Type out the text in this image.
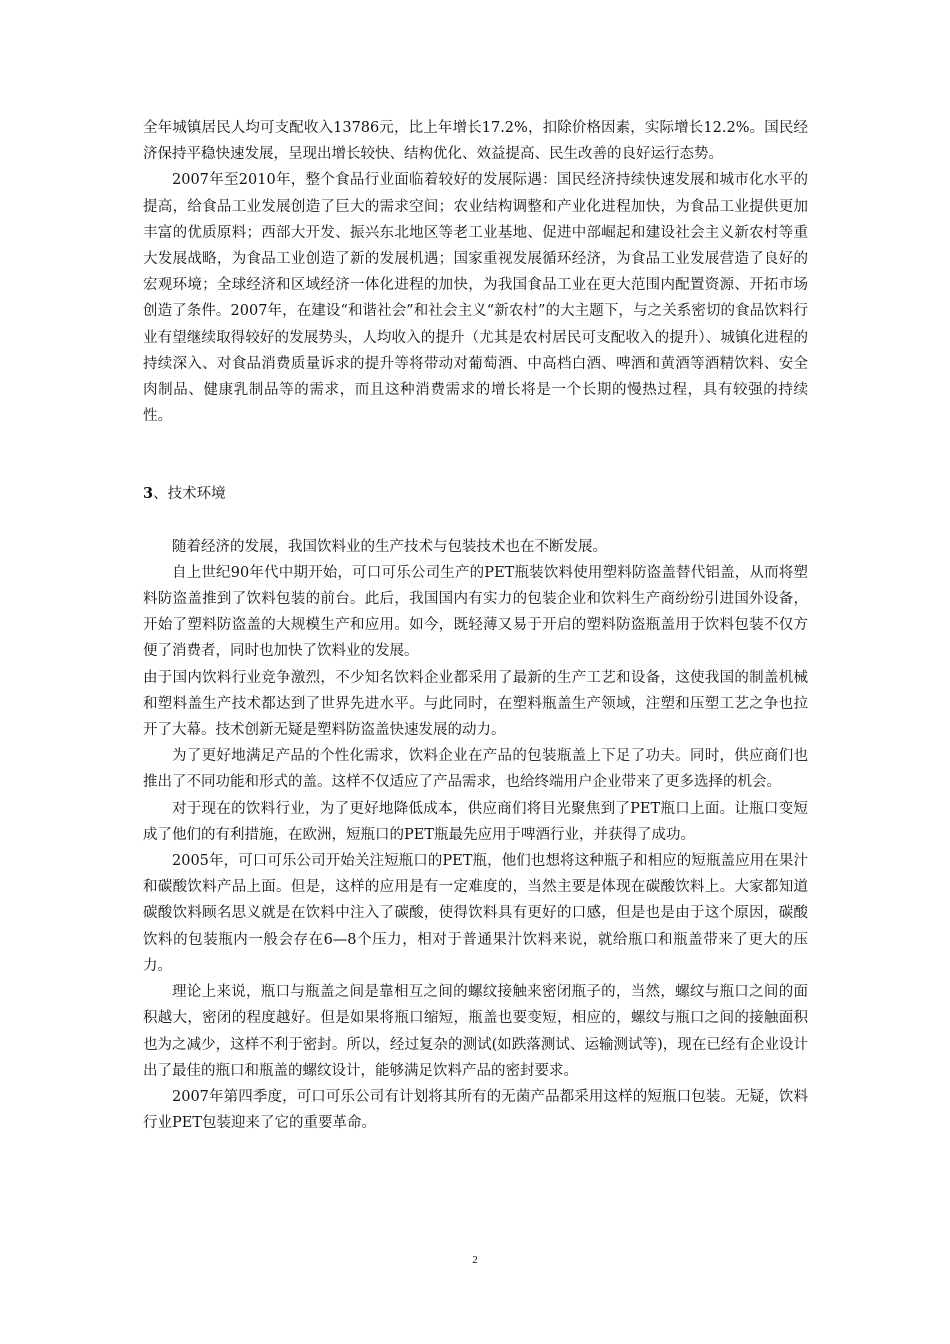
全年城镇居民人均可支配收入13786元，比上年增长17.2%，扣除价格因素，实际增长12.2%。国民经济保持平稳快速发展，呈现出增长较快、结构优化、效益提高、民生改善的良好运行态势。

2007年至2010年，整个食品行业面临着较好的发展际遇：国民经济持续快速发展和城市化水平的提高，给食品工业发展创造了巨大的需求空间；农业结构调整和产业化进程加快，为食品工业提供更加丰富的优质原料；西部大开发、振兴东北地区等老工业基地、促进中部崛起和建设社会主义新农村等重大发展战略，为食品工业创造了新的发展机遇；国家重视发展循环经济，为食品工业发展营造了良好的宏观环境；全球经济和区域经济一体化进程的加快，为我国食品工业在更大范围内配置资源、开拓市场创造了条件。2007年，在建设“和谐社会”和社会主义“新农村”的大主题下，与之关系密切的食品饮料行业有望继续取得较好的发展势头，人均收入的提升（尤其是农村居民可支配收入的提升）、城镇化进程的持续深入、对食品消费质量诉求的提升等将带动对葡萄酒、中高档白酒、啤酒和黄酒等酒精饮料、安全肉制品、健康乳制品等的需求，而且这种消费需求的增长将是一个长期的慢热过程，具有较强的持续性。

3、技术环境

随着经济的发展，我国饮料业的生产技术与包装技术也在不断发展。

自上世纪90年代中期开始，可口可乐公司生产的PET瓶装饮料使用塑料防盗盖替代铝盖，从而将塑料防盗盖推到了饮料包装的前台。此后，我国国内有实力的包装企业和饮料生产商纷纷引进国外设备，开始了塑料防盗盖的大规模生产和应用。如今，既轻薄又易于开启的塑料防盗瓶盖用于饮料包装不仅方便了消费者，同时也加快了饮料业的发展。

由于国内饮料行业竞争激烈，不少知名饮料企业都采用了最新的生产工艺和设备，这使我国的制盖机械和塑料盖生产技术都达到了世界先进水平。与此同时，在塑料瓶盖生产领域，注塑和压塑工艺之争也拉开了大幕。技术创新无疑是塑料防盗盖快速发展的动力。

为了更好地满足产品的个性化需求，饮料企业在产品的包装瓶盖上下足了功夫。同时，供应商们也推出了不同功能和形式的盖。这样不仅适应了产品需求，也给终端用户企业带来了更多选择的机会。

对于现在的饮料行业，为了更好地降低成本，供应商们将目光聚焦到了PET瓶口上面。让瓶口变短成了他们的有利措施，在欧洲，短瓶口的PET瓶最先应用于啤酒行业，并获得了成功。

2005年，可口可乐公司开始关注短瓶口的PET瓶，他们也想将这种瓶子和相应的短瓶盖应用在果汁和碳酸饮料产品上面。但是，这样的应用是有一定难度的，当然主要是体现在碳酸饮料上。大家都知道碳酸饮料顾名思义就是在饮料中注入了碳酸，使得饮料具有更好的口感，但是也是由于这个原因，碳酸饮料的包装瓶内一般会存在6—8个压力，相对于普通果汁饮料来说，就给瓶口和瓶盖带来了更大的压力。

理论上来说，瓶口与瓶盖之间是靠相互之间的螺纹接触来密闭瓶子的，当然，螺纹与瓶口之间的面积越大，密闭的程度越好。但是如果将瓶口缩短，瓶盖也要变短，相应的，螺纹与瓶口之间的接触面积也为之减少，这样不利于密封。所以，经过复杂的测试(如跌落测试、运输测试等)，现在已经有企业设计出了最佳的瓶口和瓶盖的螺纹设计，能够满足饮料产品的密封要求。

2007年第四季度，可口可乐公司有计划将其所有的无菌产品都采用这样的短瓶口包装。无疑，饮料行业PET包装迎来了它的重要革命。

2
